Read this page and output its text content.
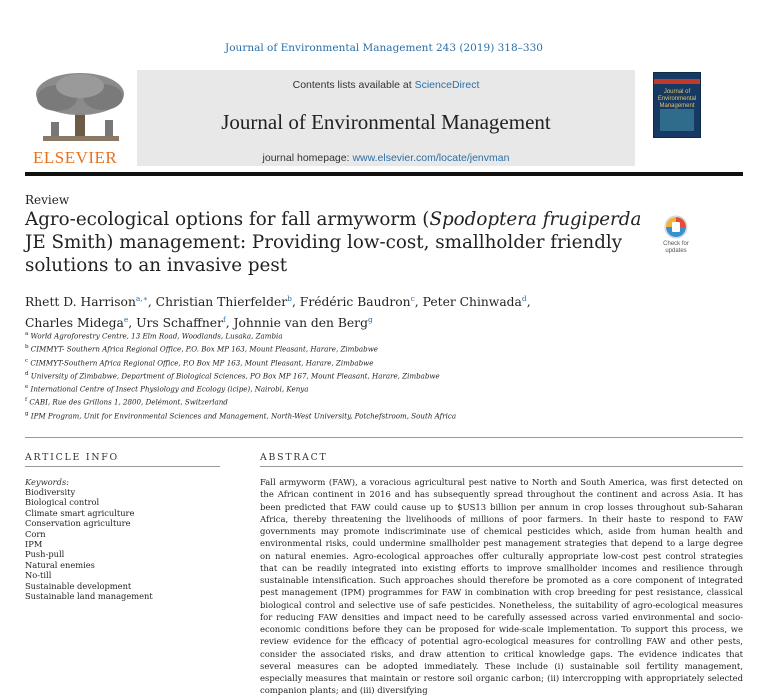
Journal of Environmental Management 243 (2019) 318–330
ELSEVIER
Contents lists available at ScienceDirect
Journal of Environmental Management
journal homepage: www.elsevier.com/locate/jenvman
Journal of Environmental Management
Review
Agro-ecological options for fall armyworm (Spodoptera frugiperda JE Smith) management: Providing low-cost, smallholder friendly solutions to an invasive pest
Check for updates
Rhett D. Harrison$^{a,∗}$, Christian Thierfelder$^b$, Frédéric Baudron$^c$, Peter Chinwada$^d$,
Charles Midega$^e$, Urs Schaffner$^f$, Johnnie van den Berg$^g$
$^a$ World Agroforestry Centre, 13 Elm Road, Woodlands, Lusaka, Zambia
$^b$ CIMMYT- Southern Africa Regional Office, P.O. Box MP 163, Mount Pleasant, Harare, Zimbabwe
$^c$ CIMMYT-Southern Africa Regional Office, P.O Box MP 163, Mount Pleasant, Harare, Zimbabwe
$^d$ University of Zimbabwe, Department of Biological Sciences, PO Box MP 167, Mount Pleasant, Harare, Zimbabwe
$^e$ International Centre of Insect Physiology and Ecology (icipe), Nairobi, Kenya
$^f$ CABI, Rue des Grillons 1, 2800, Delémont, Switzerland
$^g$ IPM Program, Unit for Environmental Sciences and Management, North-West University, Potchefstroom, South Africa
ARTICLE INFO
Keywords:
Biodiversity
Biological control
Climate smart agriculture
Conservation agriculture
Corn
IPM
Push-pull
Natural enemies
No-till
Sustainable development
Sustainable land management
ABSTRACT

Fall armyworm (FAW), a voracious agricultural pest native to North and South America, was first detected on the African continent in 2016 and has subsequently spread throughout the continent and across Asia. It has been predicted that FAW could cause up to $US13 billion per annum in crop losses throughout sub-Saharan Africa, thereby threatening the livelihoods of millions of poor farmers. In their haste to respond to FAW governments may promote indiscriminate use of chemical pesticides which, aside from human health and environmental risks, could undermine smallholder pest management strategies that depend to a large degree on natural enemies. Agro-ecological approaches offer culturally appropriate low-cost pest control strategies that can be readily integrated into existing efforts to improve smallholder incomes and resilience through sustainable intensification. Such approaches should therefore be promoted as a core component of integrated pest management (IPM) programmes for FAW in combination with crop breeding for pest resistance, classical biological control and selective use of safe pesticides. Nonetheless, the suitability of agro-ecological measures for reducing FAW densities and impact need to be carefully assessed across varied environmental and socio-economic conditions before they can be proposed for wide-scale implementation. To support this process, we review evidence for the efficacy of potential agro-ecological measures for controlling FAW and other pests, consider the associated risks, and draw attention to critical knowledge gaps. The evidence indicates that several measures can be adopted immediately. These include (i) sustainable soil fertility management, especially measures that maintain or restore soil organic carbon; (ii) intercropping with appropriately selected companion plants; and (iii) diversifying
